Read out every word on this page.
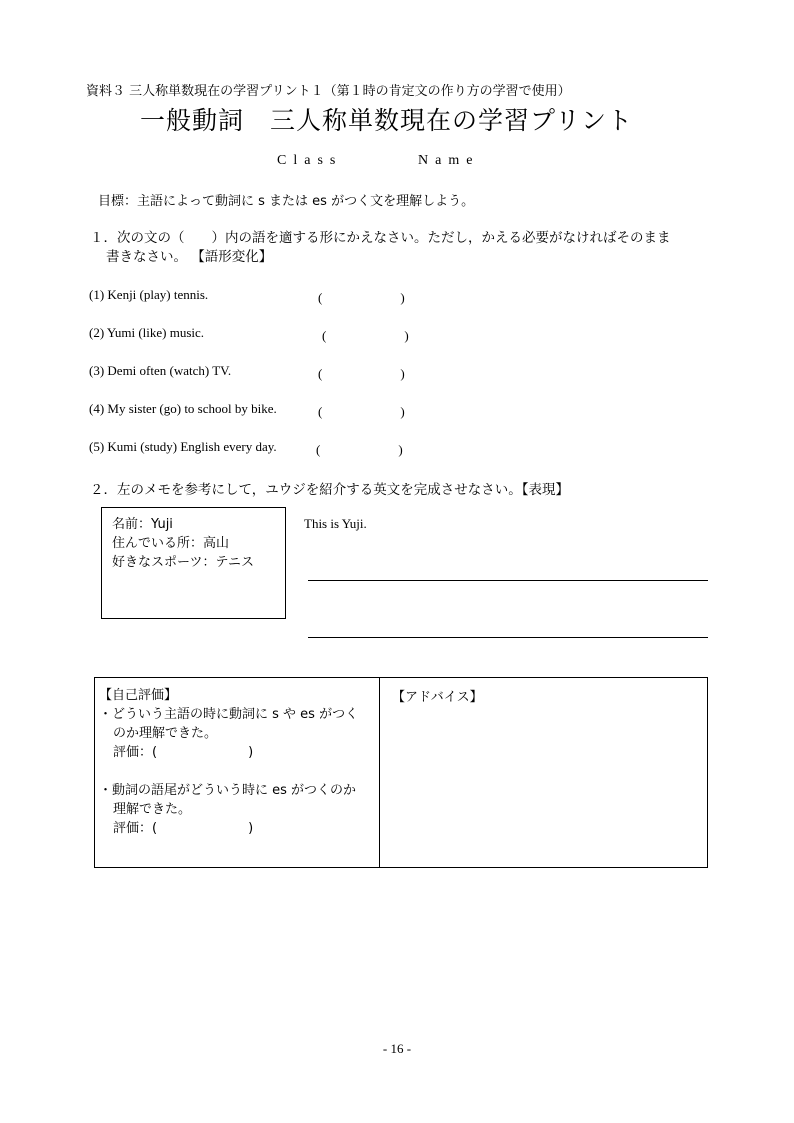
資料３ 三人称単数現在の学習プリント１（第１時の肯定文の作り方の学習で使用）
一般動詞　三人称単数現在の学習プリント
Class	Name
目標：主語によって動詞に s または es がつく文を理解しよう。
１．次の文の（　　）内の語を適する形にかえなさい。ただし，かえる必要がなければそのまま
書きなさい。 【語形変化】
(1) Kenji (play) tennis.	(　　　　　　)
(2) Yumi (like) music.	(　　　　　　)
(3) Demi often (watch) TV.	(　　　　　　)
(4) My sister (go) to school by bike.	(　　　　　　)
(5) Kumi (study) English every day.	(　　　　　　)
２．左のメモを参考にして，ユウジを紹介する英文を完成させなさい。【表現】
名前：Yuji
住んでいる所：高山
好きなスポーツ：テニス
This is Yuji.
【自己評価】
・どういう主語の時に動詞に s や es がつく
のか理解できた。
評価：(　　　　　　　)
・動詞の語尾がどういう時に es がつくのか
理解できた。
評価：(　　　　　　　)
【アドバイス】
- 16 -
